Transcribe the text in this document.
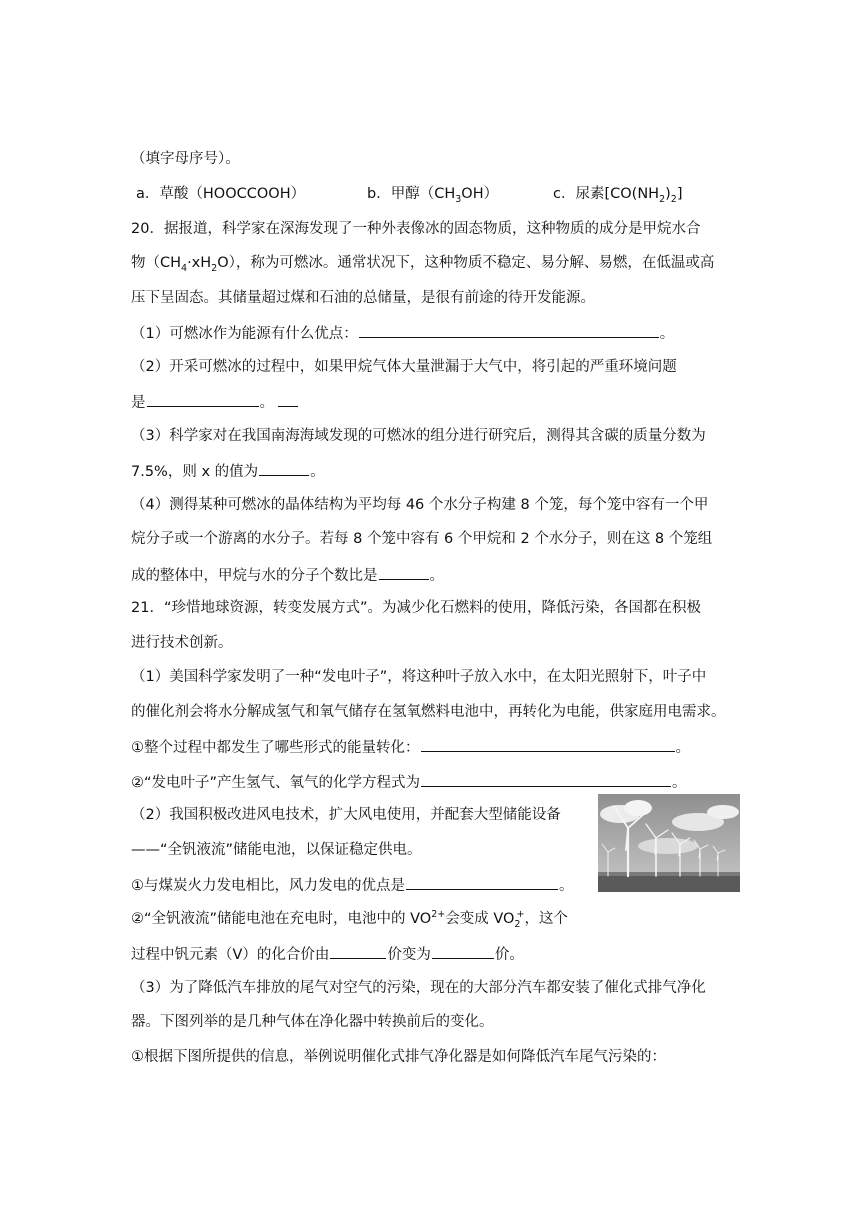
（填字母序号）。
a．草酸（HOOCCOOH）	b．甲醇$(CH_3OH)$	c．尿素$[CO(NH_2)_2]$
20．据报道，科学家在深海发现了一种外表像冰的固态物质，这种物质的成分是甲烷水合
物$(CH_4\cdot xH_2O)$，称为可燃冰。通常状况下，这种物质不稳定、易分解、易燃，在低温或高
压下呈固态。其储量超过煤和石油的总储量，是很有前途的待开发能源。
（1）可燃冰作为能源有什么优点：	。
（2）开采可燃冰的过程中，如果甲烷气体大量泄漏于大气中，将引起的严重环境问题
是	。
（3）科学家对在我国南海海域发现的可燃冰的组分进行研究后，测得其含碳的质量分数为
7.5%，则 x 的值为	。
（4）测得某种可燃冰的晶体结构为平均每 46 个水分子构建 8 个笼，每个笼中容有一个甲
烷分子或一个游离的水分子。若每 8 个笼中容有 6 个甲烷和 2 个水分子，则在这 8 个笼组
成的整体中，甲烷与水的分子个数比是	。
21．“珍惜地球资源，转变发展方式”。为减少化石燃料的使用，降低污染，各国都在积极
进行技术创新。
（1）美国科学家发明了一种“发电叶子”，将这种叶子放入水中，在太阳光照射下，叶子中
的催化剂会将水分解成氢气和氧气储存在氢氧燃料电池中，再转化为电能，供家庭用电需求。
①整个过程中都发生了哪些形式的能量转化：	。
②“发电叶子”产生氢气、氧气的化学方程式为	。
（2）我国积极改进风电技术，扩大风电使用，并配套大型储能设备
——“全钒液流”储能电池，以保证稳定供电。
①与煤炭火力发电相比，风力发电的优点是	。
②“全钒液流”储能电池在充电时，电池中的 $VO^{2+}$会变成 $VO_2^+$，这个
过程中钒元素（V）的化合价由	价变为	价。
（3）为了降低汽车排放的尾气对空气的污染，现在的大部分汽车都安装了催化式排气净化
器。下图列举的是几种气体在净化器中转换前后的变化。
①根据下图所提供的信息，举例说明催化式排气净化器是如何降低汽车尾气污染的：
